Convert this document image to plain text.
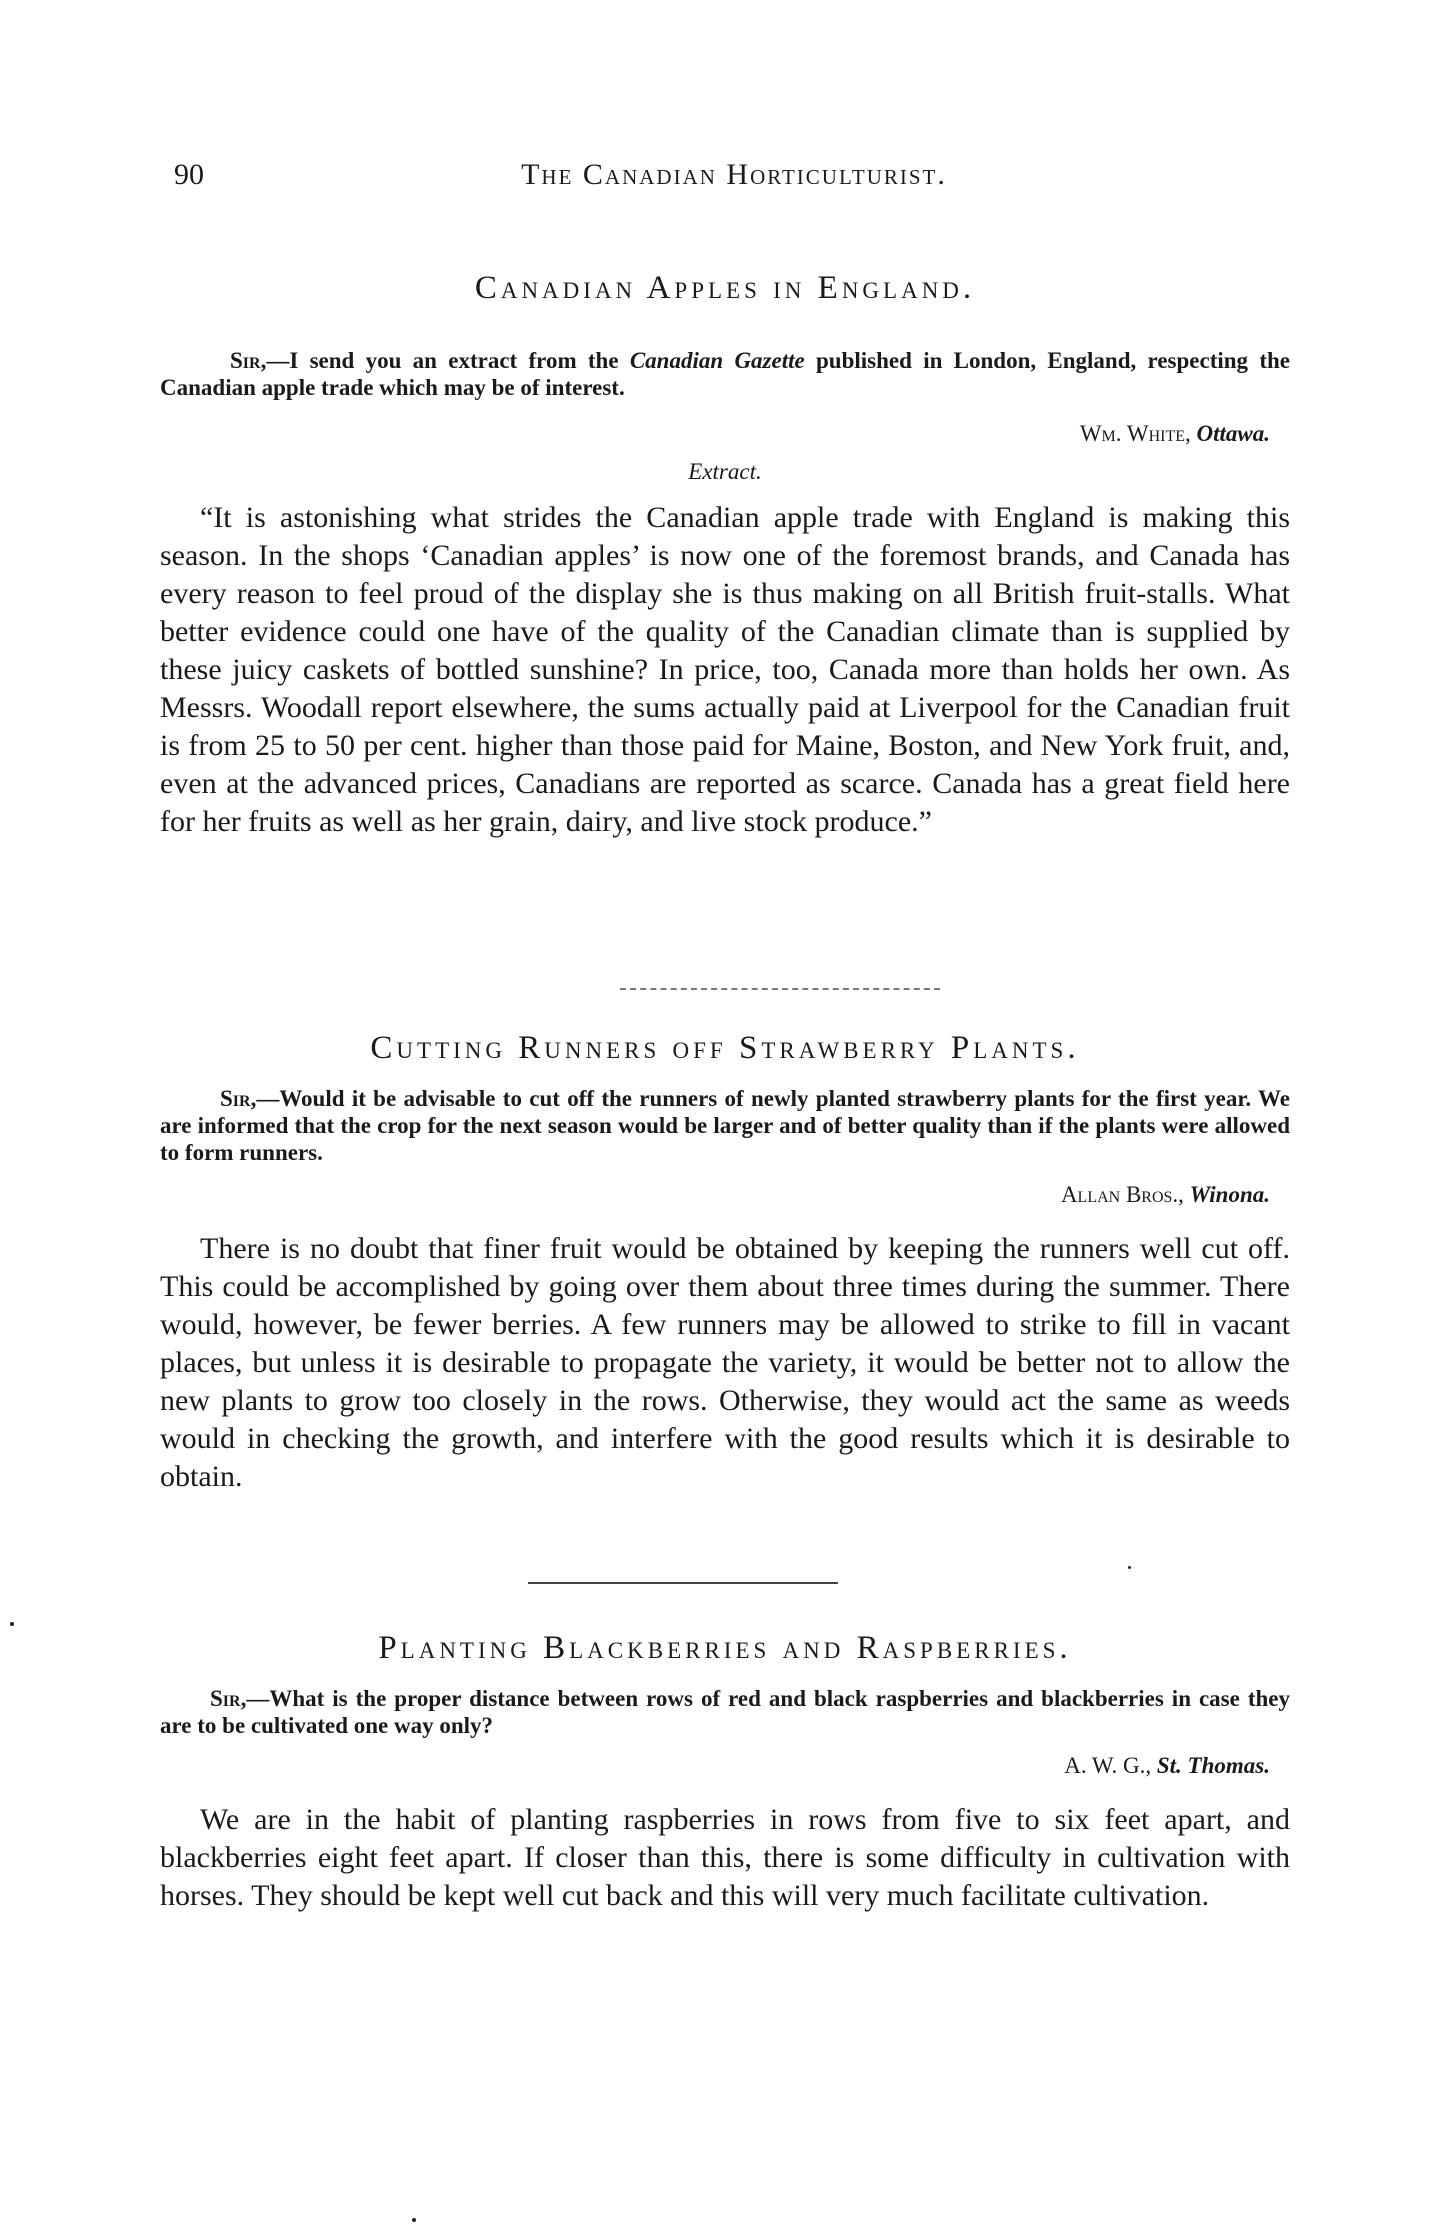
90	The Canadian Horticulturist.
Canadian Apples in England.

Sir,—I send you an extract from the Canadian Gazette published in London, England, respecting the Canadian apple trade which may be of interest.

Wm. White, Ottawa.

Extract.

“It is astonishing what strides the Canadian apple trade with England is making this season. In the shops ‘Canadian apples’ is now one of the foremost brands, and Canada has every reason to feel proud of the display she is thus making on all British fruit-stalls. What better evidence could one have of the quality of the Canadian climate than is supplied by these juicy caskets of bottled sunshine? In price, too, Canada more than holds her own. As Messrs. Woodall report elsewhere, the sums actually paid at Liverpool for the Canadian fruit is from 25 to 50 per cent. higher than those paid for Maine, Boston, and New York fruit, and, even at the advanced prices, Canadians are reported as scarce. Canada has a great field here for her fruits as well as her grain, dairy, and live stock produce.”

Cutting Runners off Strawberry Plants.

Sir,—Would it be advisable to cut off the runners of newly planted strawberry plants for the first year. We are informed that the crop for the next season would be larger and of better quality than if the plants were allowed to form runners.

Allan Bros., Winona.

There is no doubt that finer fruit would be obtained by keeping the runners well cut off. This could be accomplished by going over them about three times during the summer. There would, however, be fewer berries. A few runners may be allowed to strike to fill in vacant places, but unless it is desirable to propagate the variety, it would be better not to allow the new plants to grow too closely in the rows. Otherwise, they would act the same as weeds would in checking the growth, and interfere with the good results which it is desirable to obtain.

Planting Blackberries and Raspberries.

Sir,—What is the proper distance between rows of red and black raspberries and blackberries in case they are to be cultivated one way only?

A. W. G., St. Thomas.

We are in the habit of planting raspberries in rows from five to six feet apart, and blackberries eight feet apart. If closer than this, there is some difficulty in cultivation with horses. They should be kept well cut back and this will very much facilitate cultivation.
